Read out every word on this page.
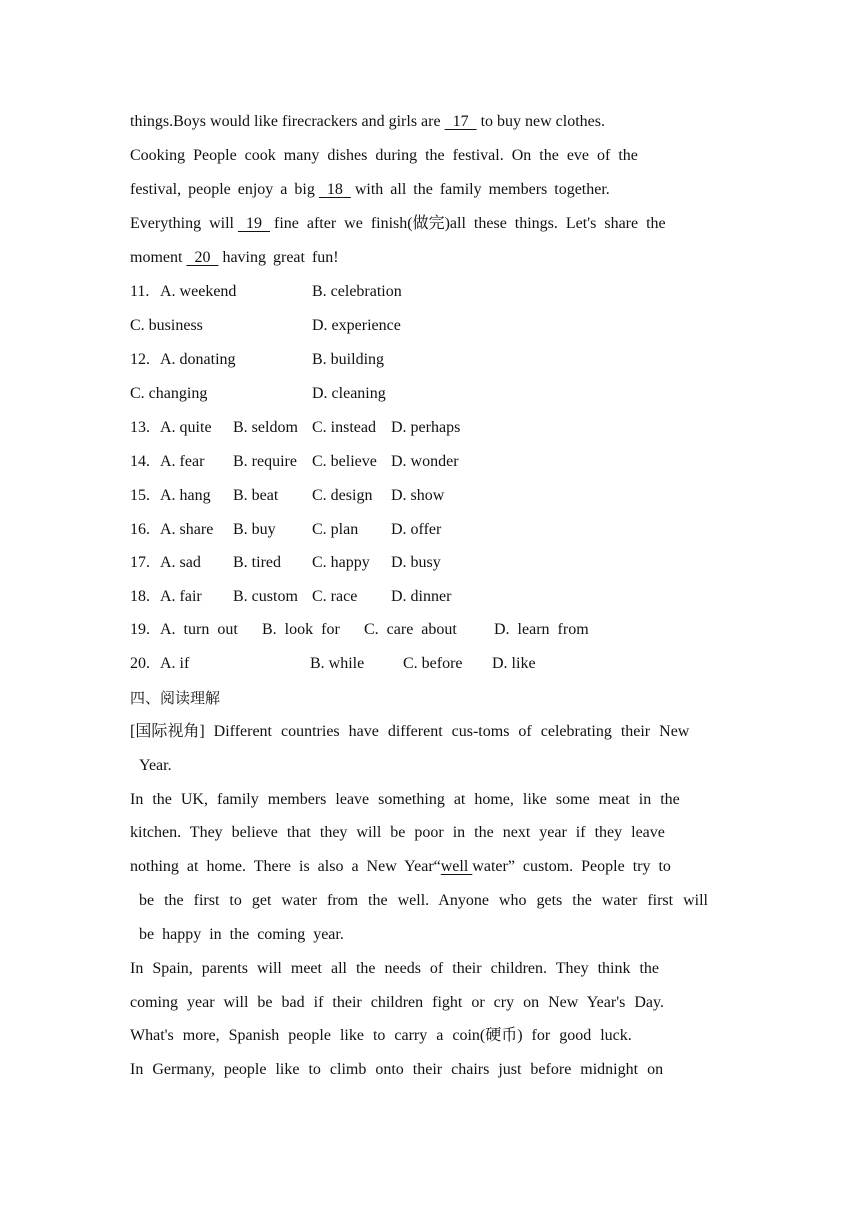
things.Boys would like firecrackers and girls are 17 to buy new clothes.
Cooking People cook many dishes during the festival. On the eve of the
festival, people enjoy a big 18 with all the family members together.
Everything will 19 fine after we finish(做完)all these things. Let's share the
moment 20 having great fun!
11. A. weekend	B. celebration
C. business	D. experience
12. A. donating	B. building
C. changing	D. cleaning
13. A. quite B. seldom C. instead D. perhaps
14. A. fear B. require C. believe D. wonder
15. A. hang B. beat C. design D. show
16. A. share B. buy C. plan D. offer
17. A. sad B. tired C. happy D. busy
18. A. fair B. custom C. race D. dinner
19. A. turn out B. look for C. care about D. learn from
20. A. if	B. while C. before D. like
四、阅读理解
[国际视角] Different countries have different cus-toms of celebrating their New
Year.
In the UK, family members leave something at home, like some meat in the
kitchen. They believe that they will be poor in the next year if they leave
nothing at home. There is also a New Year“well water” custom. People try to
be the first to get water from the well. Anyone who gets the water first will
be happy in the coming year.
In Spain, parents will meet all the needs of their children. They think the
coming year will be bad if their children fight or cry on New Year's Day.
What's more, Spanish people like to carry a coin(硬币) for good luck.
In Germany, people like to climb onto their chairs just before midnight on
